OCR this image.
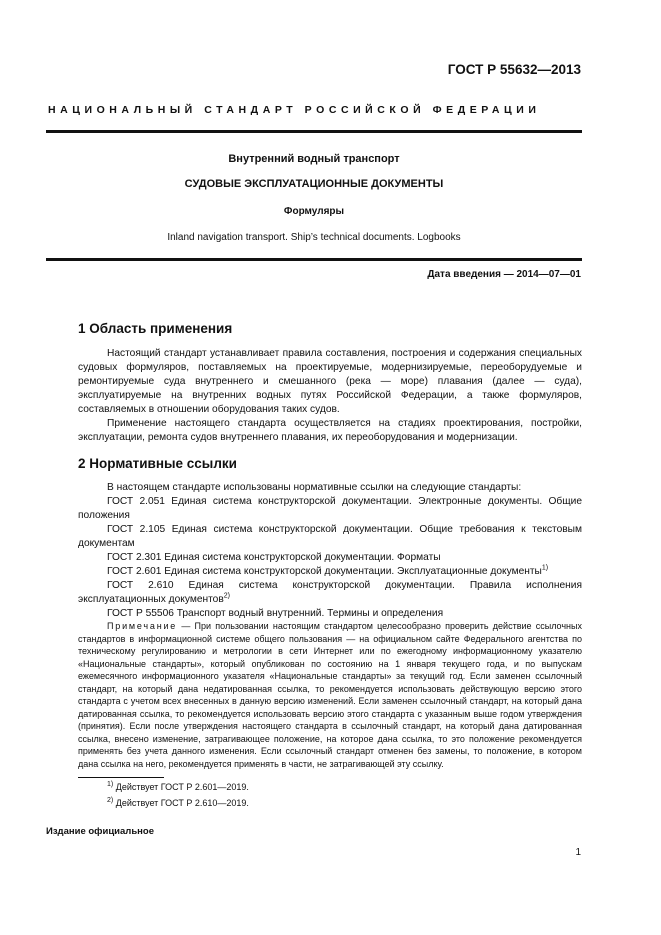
ГОСТ Р 55632—2013
НАЦИОНАЛЬНЫЙ СТАНДАРТ РОССИЙСКОЙ ФЕДЕРАЦИИ
Внутренний водный транспорт
СУДОВЫЕ ЭКСПЛУАТАЦИОННЫЕ ДОКУМЕНТЫ
Формуляры
Inland navigation transport. Ship’s technical documents. Logbooks
Дата введения — 2014—07—01
1 Область применения

Настоящий стандарт устанавливает правила составления, построения и содержания специальных судовых формуляров, поставляемых на проектируемые, модернизируемые, переоборудуемые и ремонтируемые суда внутреннего и смешанного (река — море) плавания (далее — суда), эксплуатируемые на внутренних водных путях Российской Федерации, а также формуляров, составляемых в отношении оборудования таких судов.

Применение настоящего стандарта осуществляется на стадиях проектирования, постройки, эксплуатации, ремонта судов внутреннего плавания, их переоборудования и модернизации.

2 Нормативные ссылки

В настоящем стандарте использованы нормативные ссылки на следующие стандарты:

ГОСТ 2.051 Единая система конструкторской документации. Электронные документы. Общие положения

ГОСТ 2.105 Единая система конструкторской документации. Общие требования к текстовым документам

ГОСТ 2.301 Единая система конструкторской документации. Форматы

ГОСТ 2.601 Единая система конструкторской документации. Эксплуатационные документы$^{1)}$

ГОСТ 2.610 Единая система конструкторской документации. Правила исполнения эксплуатационных документов$^{2)}$

ГОСТ Р 55506 Транспорт водный внутренний. Термины и определения

Примечание — При пользовании настоящим стандартом целесообразно проверить действие ссылочных стандартов в информационной системе общего пользования — на официальном сайте Федерального агентства по техническому регулированию и метрологии в сети Интернет или по ежегодному информационному указателю «Национальные стандарты», который опубликован по состоянию на 1 января текущего года, и по выпускам ежемесячного информационного указателя «Национальные стандарты» за текущий год. Если заменен ссылочный стандарт, на который дана недатированная ссылка, то рекомендуется использовать действующую версию этого стандарта с учетом всех внесенных в данную версию изменений. Если заменен ссылочный стандарт, на который дана датированная ссылка, то рекомендуется использовать версию этого стандарта с указанным выше годом утверждения (принятия). Если после утверждения настоящего стандарта в ссылочный стандарт, на который дана датированная ссылка, внесено изменение, затрагивающее положение, на которое дана ссылка, то это положение рекомендуется применять без учета данного изменения. Если ссылочный стандарт отменен без замены, то положение, в котором дана ссылка на него, рекомендуется применять в части, не затрагивающей эту ссылку.
$^{1)}$ Действует ГОСТ Р 2.601—2019.
$^{2)}$ Действует ГОСТ Р 2.610—2019.
Издание официальное
1
